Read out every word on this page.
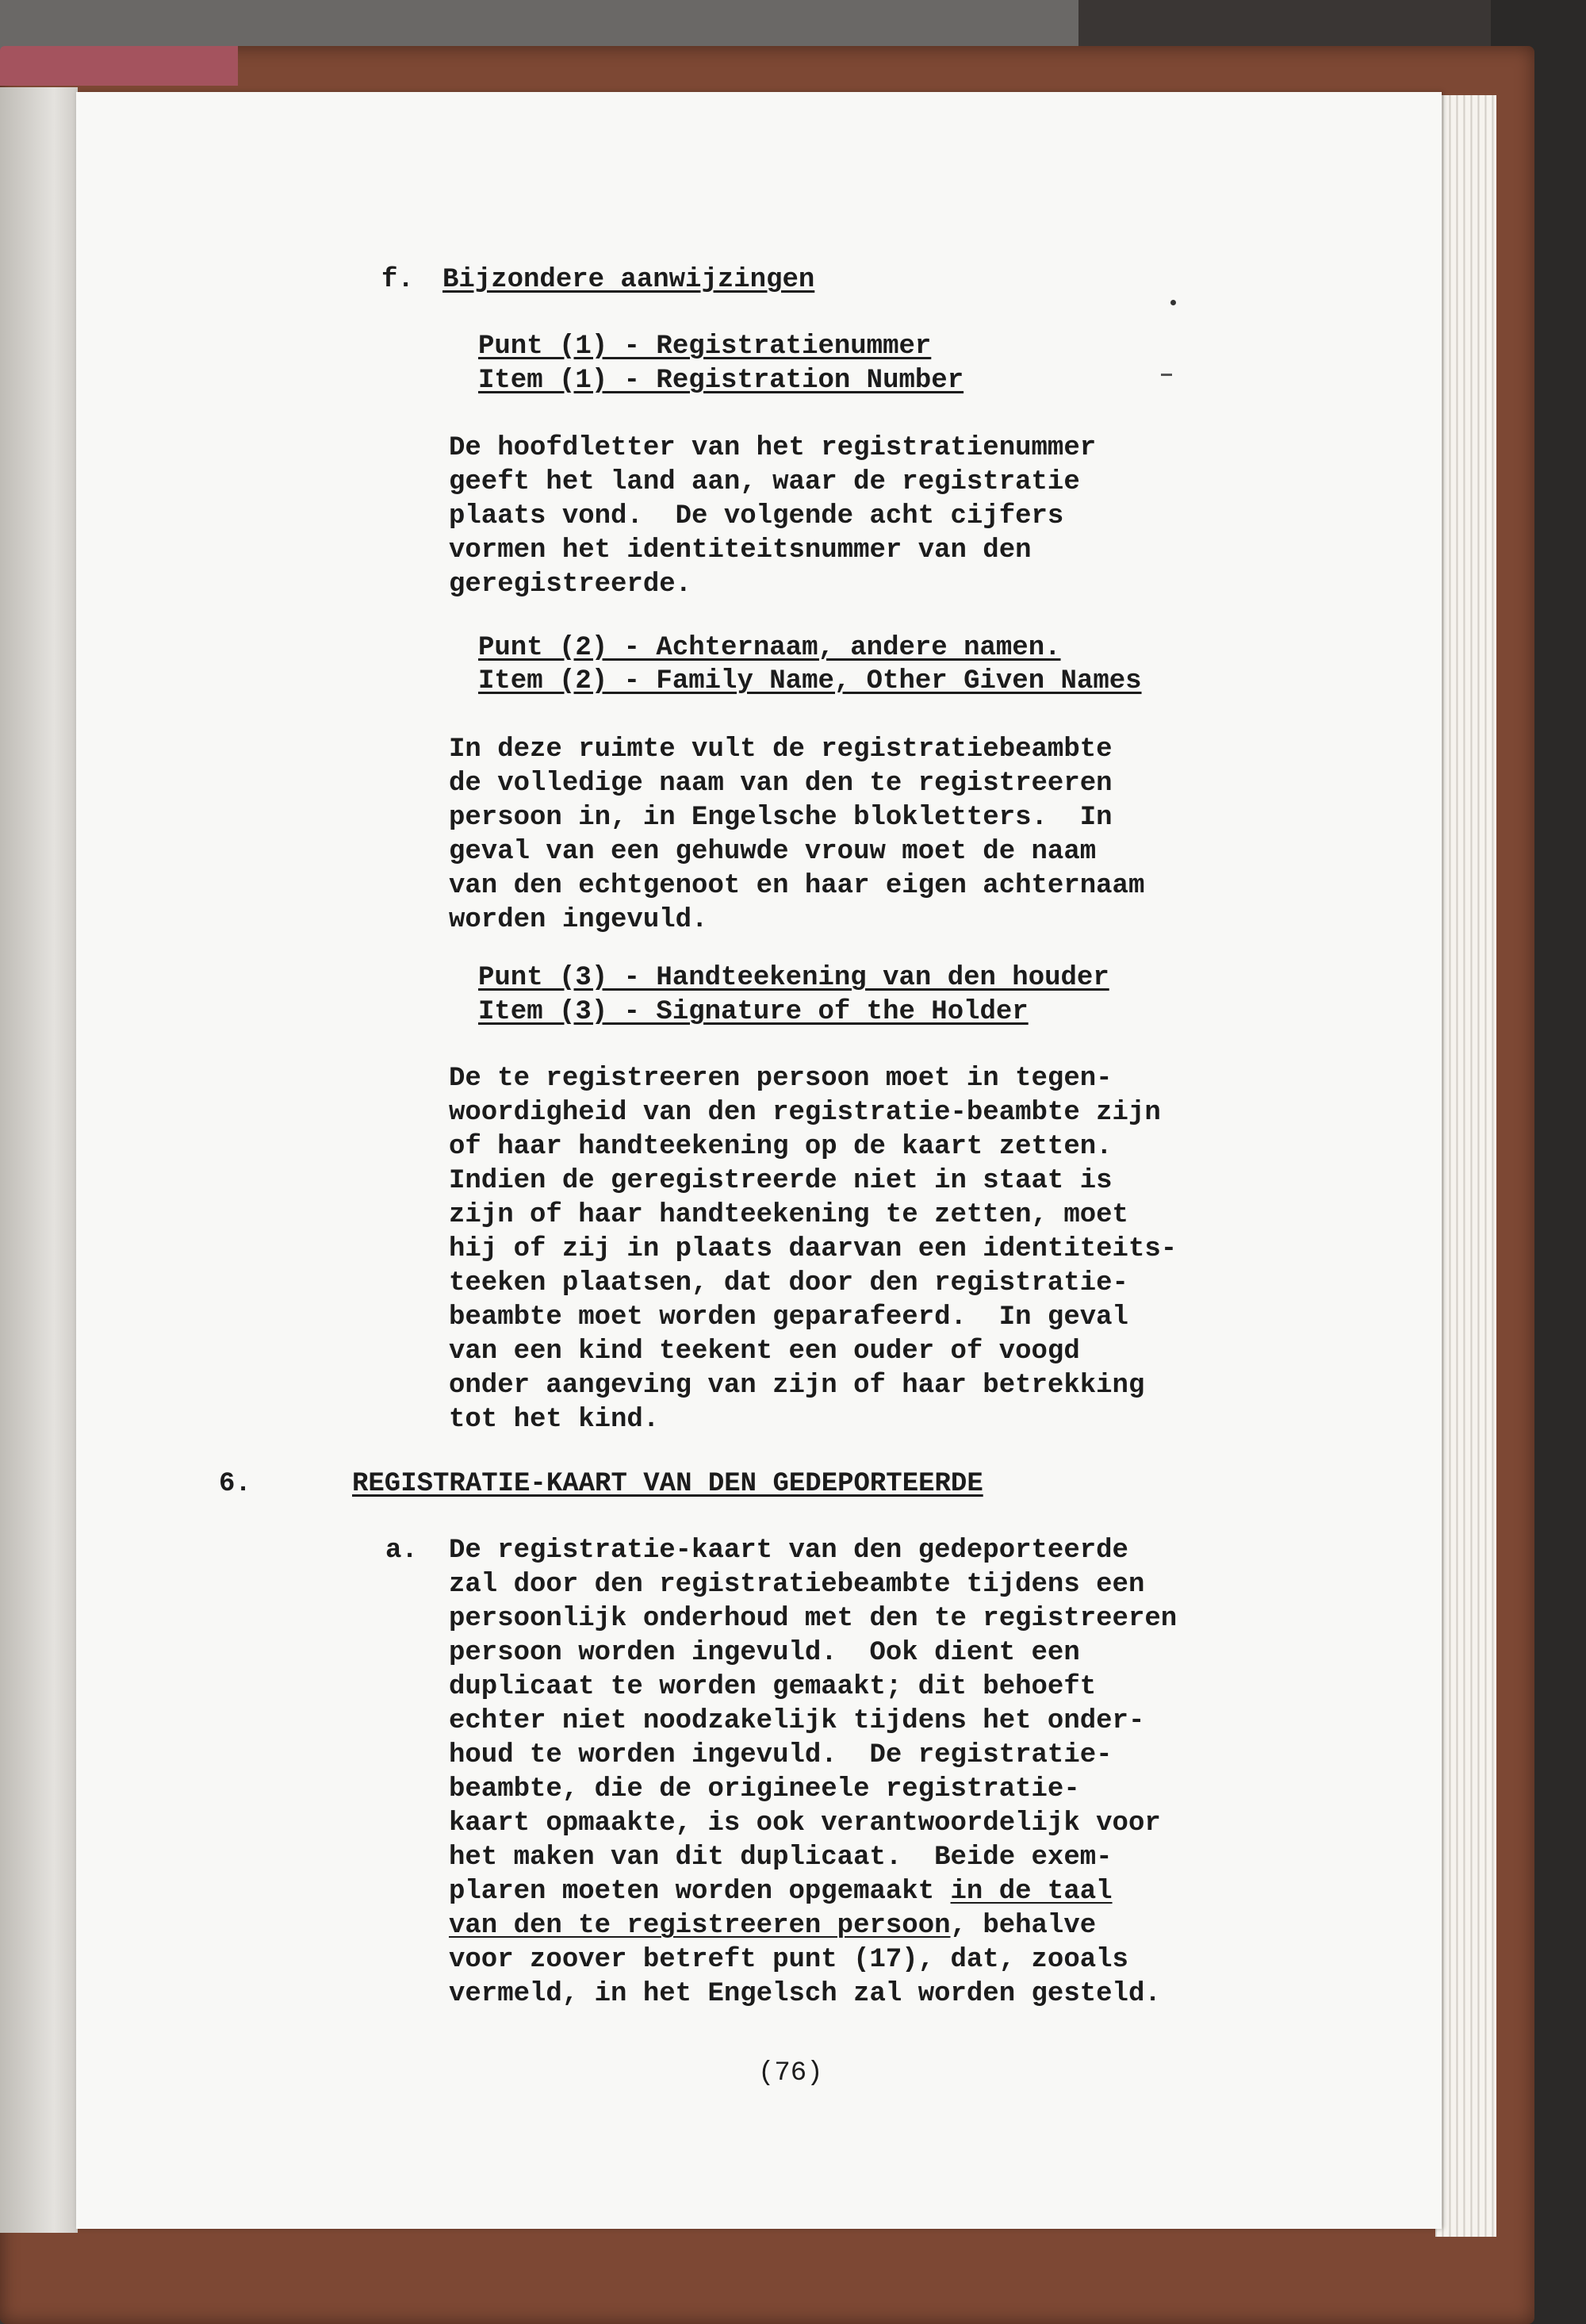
f. Bijzondere aanwijzingen

Punt (1) - Registratienummer

Item (1) - Registration Number

De hoofdletter van het registratienummer

geeft het land aan, waar de registratie

plaats vond.  De volgende acht cijfers

vormen het identiteitsnummer van den

geregistreerde.

Punt (2) - Achternaam, andere namen.

Item (2) - Family Name, Other Given Names

In deze ruimte vult de registratiebeambte

de volledige naam van den te registreeren

persoon in, in Engelsche blokletters.  In

geval van een gehuwde vrouw moet de naam

van den echtgenoot en haar eigen achternaam

worden ingevuld.

Punt (3) - Handteekening van den houder

Item (3) - Signature of the Holder

De te registreeren persoon moet in tegen-

woordigheid van den registratie-beambte zijn

of haar handteekening op de kaart zetten.

Indien de geregistreerde niet in staat is

zijn of haar handteekening te zetten, moet

hij of zij in plaats daarvan een identiteits-

teeken plaatsen, dat door den registratie-

beambte moet worden geparafeerd.  In geval

van een kind teekent een ouder of voogd

onder aangeving van zijn of haar betrekking

tot het kind.

6.	REGISTRATIE-KAART VAN DEN GEDEPORTEERDE

a. De registratie-kaart van den gedeporteerde

zal door den registratiebeambte tijdens een

persoonlijk onderhoud met den te registreeren

persoon worden ingevuld.  Ook dient een

duplicaat te worden gemaakt; dit behoeft

echter niet noodzakelijk tijdens het onder-

houd te worden ingevuld.  De registratie-

beambte, die de origineele registratie-

kaart opmaakte, is ook verantwoordelijk voor

het maken van dit duplicaat.  Beide exem-

plaren moeten worden opgemaakt in de taal

van den te registreeren persoon, behalve

voor zoover betreft punt (17), dat, zooals

vermeld, in het Engelsch zal worden gesteld.

(76)
